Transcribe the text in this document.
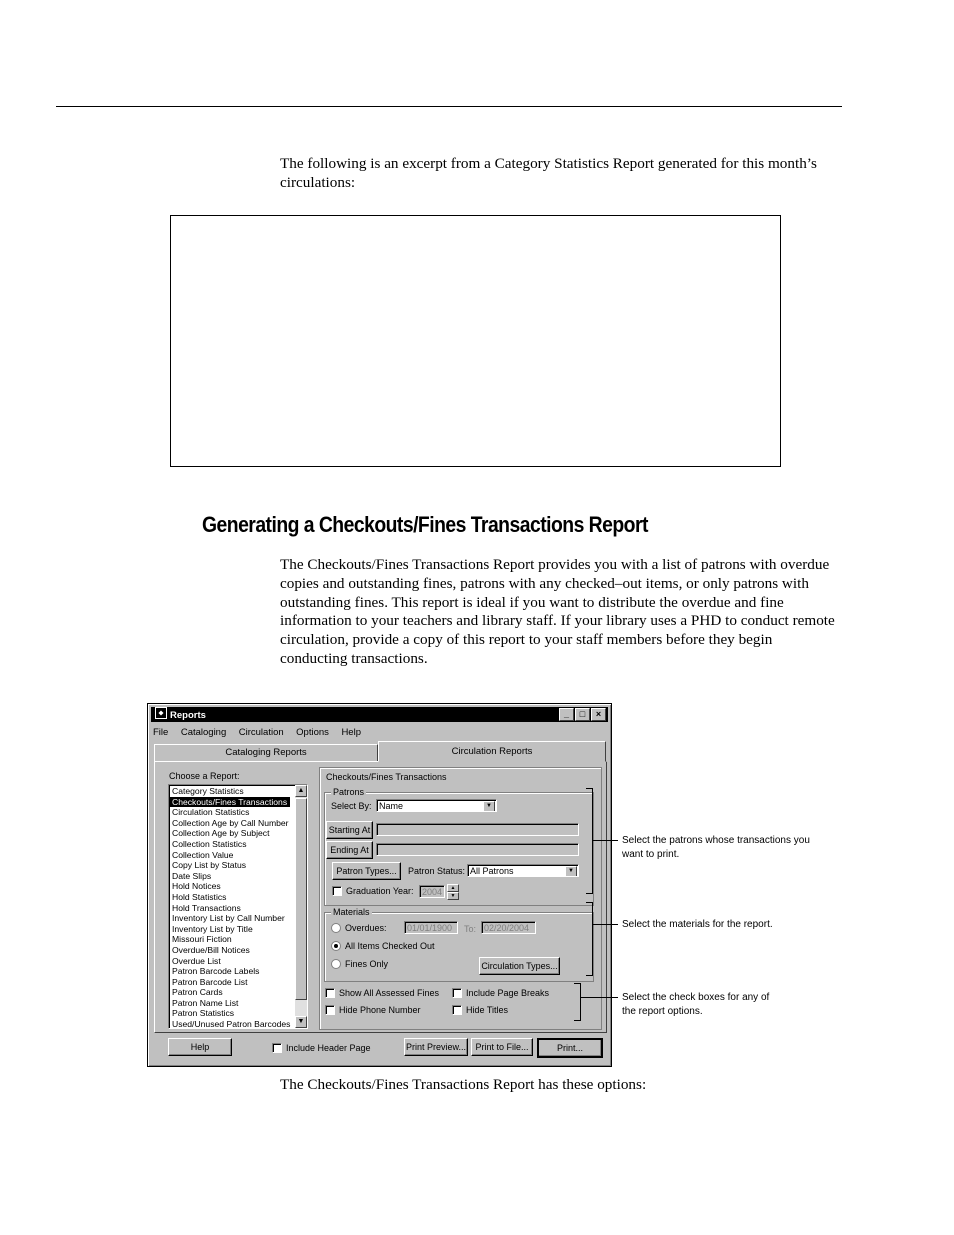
The following is an excerpt from a Category Statistics Report generated for this month’s circulations:

Generating a Checkouts/Fines Transactions Report

The Checkouts/Fines Transactions Report provides you with a list of patrons with overdue copies and outstanding fines, patrons with any checked–out items, or only patrons with outstanding fines. This report is ideal if you want to distribute the overdue and fine information to your teachers and library staff. If your library uses a PHD to conduct remote circulation, provide a copy of this report to your staff members before they begin conducting transactions.

Reports	_	□	×
File Cataloging Circulation Options Help
Cataloging Reports	Circulation Reports
Choose a Report:
Category Statistics
Checkouts/Fines Transactions
Circulation Statistics
Collection Age by Call Number
Collection Age by Subject
Collection Statistics
Collection Value
Copy List by Status
Date Slips
Hold Notices
Hold Statistics
Hold Transactions
Inventory List by Call Number
Inventory List by Title
Missouri Fiction
Overdue/Bill Notices
Overdue List
Patron Barcode Labels
Patron Barcode List
Patron Cards
Patron Name List
Patron Statistics
Used/Unused Patron Barcodes
▲
▼
Checkouts/Fines Transactions
Patrons
Select By: Name	▼
Starting At
Ending At
Patron Types...	Patron Status: All Patrons	▼
Graduation Year: 2004	▲
▼
Materials
Overdues:	01/01/1900	To: 02/20/2004
All Items Checked Out
Fines Only	Circulation Types...
Show All Assessed Fines	Include Page Breaks
Hide Phone Number	Hide Titles
Help	Include Header Page	Print Preview...	Print to File...	Print...
Select the patrons whose transactions you want to print.
Select the materials for the report.
Select the check boxes for any of the report options.

The Checkouts/Fines Transactions Report has these options:
